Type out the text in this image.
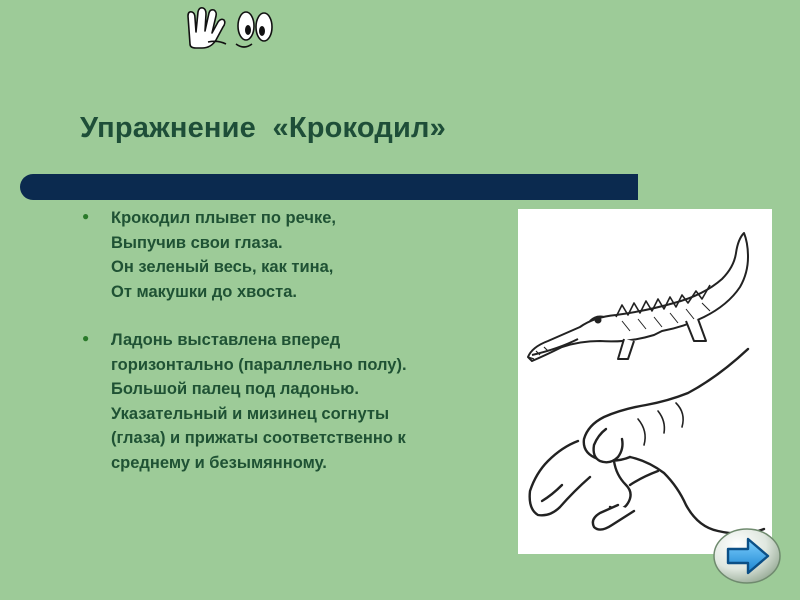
Упражнение  «Крокодил»
● Крокодил плывет по речке,
Выпучив свои глаза.
Он зеленый весь, как тина,
От макушки до хвоста.
● Ладонь выставлена вперед
горизонтально (параллельно полу).
Большой палец под ладонью.
Указательный и мизинец согнуты
(глаза) и прижаты соответственно к
среднему и безымянному.
